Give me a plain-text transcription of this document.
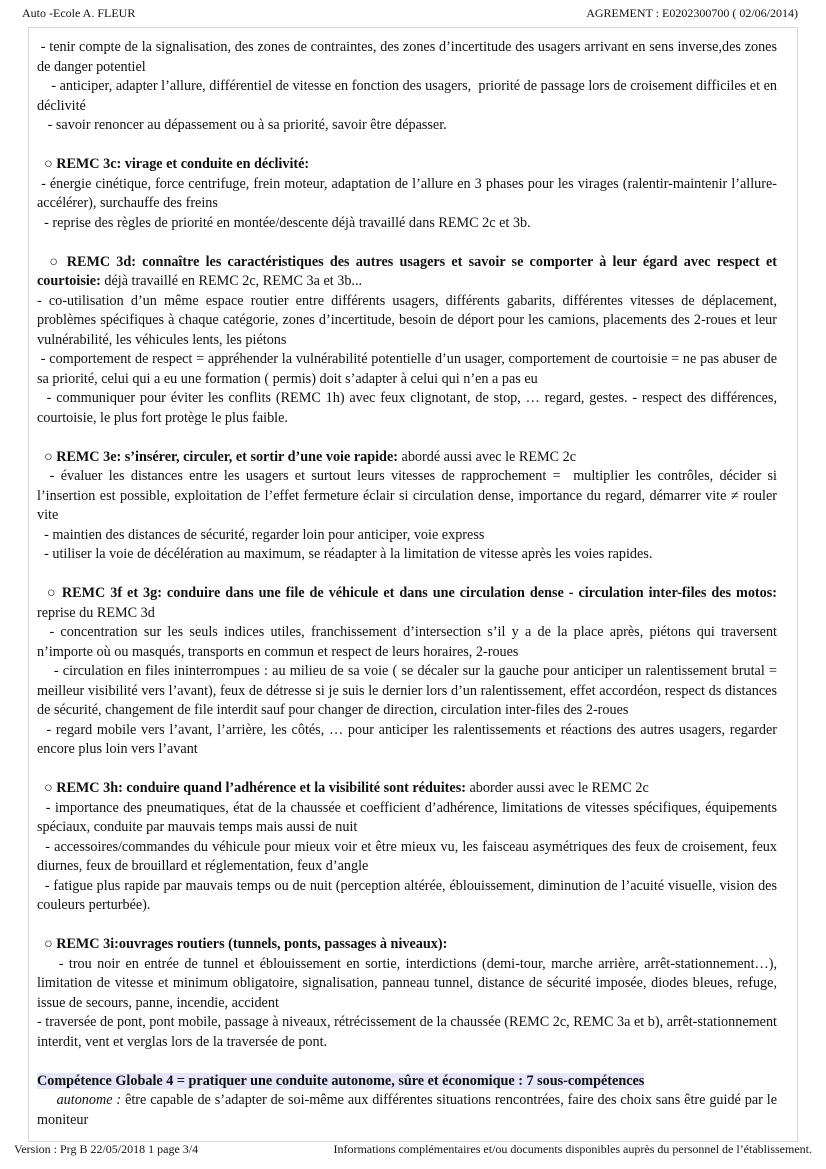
Auto -Ecole A. FLEUR	AGREMENT : E0202300700 ( 02/06/2014)

- tenir compte de la signalisation, des zones de contraintes, des zones d’incertitude des usagers arrivant en sens inverse,des zones de danger potentiel

- anticiper, adapter l’allure, différentiel de vitesse en fonction des usagers,  priorité de passage lors de croisement difficiles et en déclivité

- savoir renoncer au dépassement ou à sa priorité, savoir être dépasser.

○ REMC 3c: virage et conduite en déclivité:

- énergie cinétique, force centrifuge, frein moteur, adaptation de l’allure en 3 phases pour les virages (ralentir-maintenir l’allure-accélérer), surchauffe des freins

- reprise des règles de priorité en montée/descente déjà travaillé dans REMC 2c et 3b.

○ REMC 3d: connaître les caractéristiques des autres usagers et savoir se comporter à leur égard avec respect et courtoisie: déjà travaillé en REMC 2c, REMC 3a et 3b...

- co-utilisation d’un même espace routier entre différents usagers, différents gabarits, différentes vitesses de déplacement, problèmes spécifiques à chaque catégorie, zones d’incertitude, besoin de déport pour les camions, placements des 2-roues et leur vulnérabilité, les véhicules lents, les piétons

- comportement de respect = appréhender la vulnérabilité potentielle d’un usager, comportement de courtoisie = ne pas abuser de sa priorité, celui qui a eu une formation ( permis) doit s’adapter à celui qui n’en a pas eu

- communiquer pour éviter les conflits (REMC 1h) avec feux clignotant, de stop, … regard, gestes. - respect des différences, courtoisie, le plus fort protège le plus faible.

○ REMC 3e: s’insérer, circuler, et sortir d’une voie rapide: abordé aussi avec le REMC 2c

- évaluer les distances entre les usagers et surtout leurs vitesses de rapprochement =  multiplier les contrôles, décider si l’insertion est possible, exploitation de l’effet fermeture éclair si circulation dense, importance du regard, démarrer vite ≠ rouler vite

- maintien des distances de sécurité, regarder loin pour anticiper, voie express

- utiliser la voie de décélération au maximum, se réadapter à la limitation de vitesse après les voies rapides.

○ REMC 3f et 3g: conduire dans une file de véhicule et dans une circulation dense - circulation inter-files des motos: reprise du REMC 3d

- concentration sur les seuls indices utiles, franchissement d’intersection s’il y a de la place après, piétons qui traversent n’importe où ou masqués, transports en commun et respect de leurs horaires, 2-roues

- circulation en files ininterrompues : au milieu de sa voie ( se décaler sur la gauche pour anticiper un ralentissement brutal = meilleur visibilité vers l’avant), feux de détresse si je suis le dernier lors d’un ralentissement, effet accordéon, respect ds distances de sécurité, changement de file interdit sauf pour changer de direction, circulation inter-files des 2-roues

- regard mobile vers l’avant, l’arrière, les côtés, … pour anticiper les ralentissements et réactions des autres usagers, regarder encore plus loin vers l’avant

○ REMC 3h: conduire quand l’adhérence et la visibilité sont réduites: aborder aussi avec le REMC 2c

- importance des pneumatiques, état de la chaussée et coefficient d’adhérence, limitations de vitesses spécifiques, équipements spéciaux, conduite par mauvais temps mais aussi de nuit

- accessoires/commandes du véhicule pour mieux voir et être mieux vu, les faisceau asymétriques des feux de croisement, feux diurnes, feux de brouillard et réglementation, feux d’angle

- fatigue plus rapide par mauvais temps ou de nuit (perception altérée, éblouissement, diminution de l’acuité visuelle, vision des couleurs perturbée).

○ REMC 3i:ouvrages routiers (tunnels, ponts, passages à niveaux):

- trou noir en entrée de tunnel et éblouissement en sortie, interdictions (demi-tour, marche arrière, arrêt-stationnement…), limitation de vitesse et minimum obligatoire, signalisation, panneau tunnel, distance de sécurité imposée, diodes bleues, refuge, issue de secours, panne, incendie, accident

- traversée de pont, pont mobile, passage à niveaux, rétrécissement de la chaussée (REMC 2c, REMC 3a et b), arrêt-stationnement interdit, vent et verglas lors de la traversée de pont.

Compétence Globale 4 = pratiquer une conduite autonome, sûre et économique : 7 sous-compétences

autonome : être capable de s’adapter de soi-même aux différentes situations rencontrées, faire des choix sans être guidé par le moniteur

Version : Prg B 22/05/2018 1 page 3/4	Informations complémentaires et/ou documents disponibles auprès du personnel de l’établissement.
